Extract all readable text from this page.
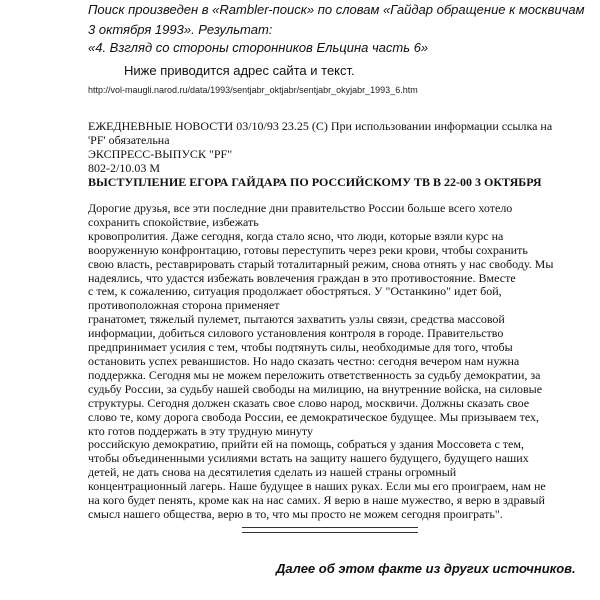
Поиск произведен в «Rambler-поиск» по словам «Гайдар обращение к москвичам
3 октября 1993». Результат:
«4. Взгляд со стороны сторонников Ельцина часть 6»
Ниже приводится адрес сайта и текст.
http://vol-maugli.narod.ru/data/1993/sentjabr_oktjabr/sentjabr_okyjabr_1993_6.htm
ЕЖЕДНЕВНЫЕ НОВОСТИ 03/10/93 23.25 (С) При использовании информации ссылка на
'PF' обязательна
ЭКСПРЕСС-ВЫПУСК "PF"
802-2/10.03 М
ВЫСТУПЛЕНИЕ ЕГОРА ГАЙДАРА ПО РОССИЙСКОМУ ТВ В 22-00 3 ОКТЯБРЯ
Дорогие друзья, все эти последние дни правительство России больше всего хотело
сохранить спокойствие, избежать
кровопролития. Даже сегодня, когда стало ясно, что люди, которые взяли курс на
вооруженную конфронтацию, готовы переступить через реки крови, чтобы сохранить
свою власть, реставрировать старый тоталитарный режим, снова отнять у нас свободу. Мы
надеялись, что удастся избежать вовлечения граждан в это противостояние. Вместе
с тем, к сожалению, ситуация продолжает обостряться. У "Останкино" идет бой,
противоположная сторона применяет
гранатомет, тяжелый пулемет, пытаются захватить узлы связи, средства массовой
информации, добиться силового установления контроля в городе. Правительство
предпринимает усилия с тем, чтобы подтянуть силы, необходимые для того, чтобы
остановить успех реваншистов. Но надо сказать честно: сегодня вечером нам нужна
поддержка. Сегодня мы не можем переложить ответственность за судьбу демократии, за
судьбу России, за судьбу нашей свободы на милицию, на внутренние войска, на силовые
структуры. Сегодня должен сказать свое слово народ, москвичи. Должны сказать свое
слово те, кому дорога свобода России, ее демократическое будущее. Мы призываем тех,
кто готов поддержать в эту трудную минуту
российскую демократию, прийти ей на помощь, собраться у здания Моссовета с тем,
чтобы объединенными усилиями встать на защиту нашего будущего, будущего наших
детей, не дать снова на десятилетия сделать из нашей страны огромный
концентрационный лагерь. Наше будущее в наших руках. Если мы его проиграем, нам не
на кого будет пенять, кроме как на нас самих. Я верю в наше мужество, я верю в здравый
смысл нашего общества, верю в то, что мы просто не можем сегодня проиграть".
Далее об этом факте из других источников.
